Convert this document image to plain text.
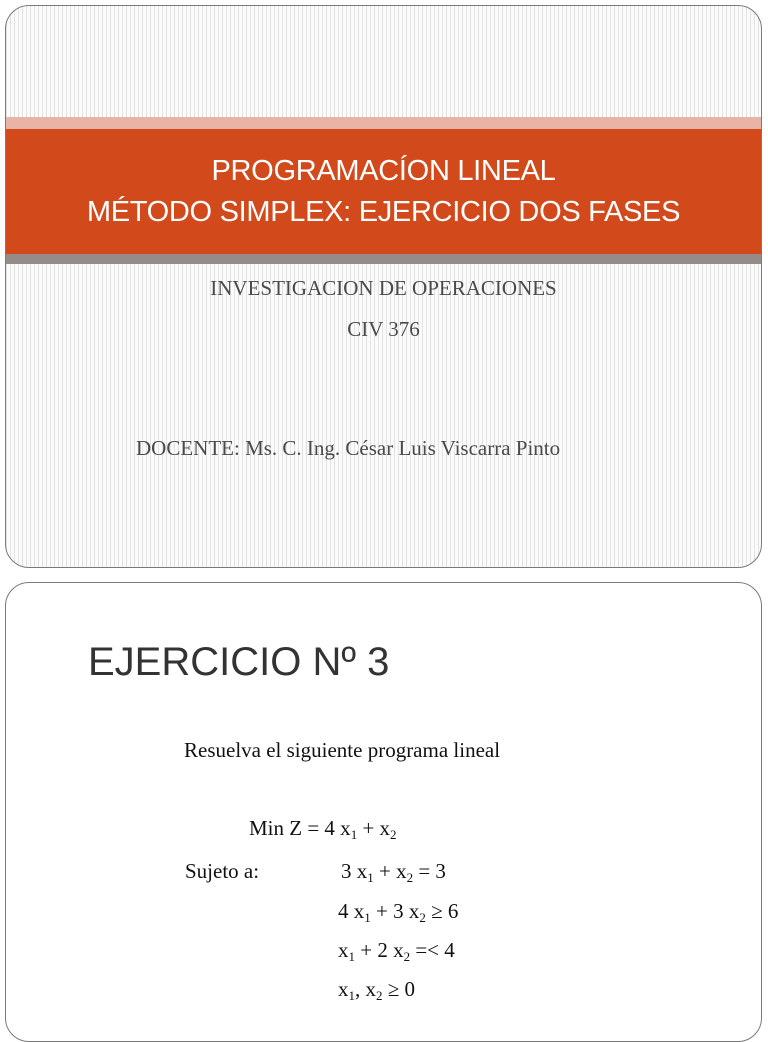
PROGRAMACÍON LINEAL
MÉTODO SIMPLEX: EJERCICIO DOS FASES
INVESTIGACION DE OPERACIONES
CIV 376
DOCENTE: Ms. C. Ing. César Luis Viscarra Pinto
EJERCICIO Nº 3
Resuelva el siguiente programa lineal
Min Z = 4 $x_1 + x_2$
Sujeto a:	3 $x_1 + x_2 = 3$
4 $x_1 + 3$ $x_2 \ge 6$
$x_1 + 2$ $x_2 =< 4$
$x_1$, $x_2 \ge 0$
